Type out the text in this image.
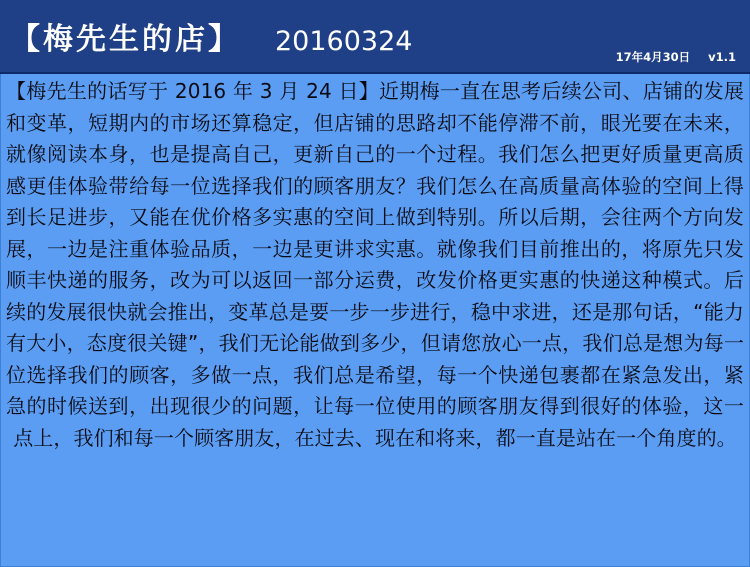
【梅先生的店】 20160324	17年4月30日 v1.1

【梅先生的话写于 2016 年 3 月 24 日】近期梅一直在思考后续公司、店铺的发展和变革，短期内的市场还算稳定，但店铺的思路却不能停滞不前，眼光要在未来，就像阅读本身，也是提高自己，更新自己的一个过程。我们怎么把更好质量更高质感更佳体验带给每一位选择我们的顾客朋友？我们怎么在高质量高体验的空间上得到长足进步，又能在优价格多实惠的空间上做到特别。所以后期，会往两个方向发展，一边是注重体验品质，一边是更讲求实惠。就像我们目前推出的，将原先只发顺丰快递的服务，改为可以返回一部分运费，改发价格更实惠的快递这种模式。后续的发展很快就会推出，变革总是要一步一步进行，稳中求进，还是那句话，“能力有大小，态度很关键”，我们无论能做到多少，但请您放心一点，我们总是想为每一位选择我们的顾客，多做一点，我们总是希望，每一个快递包裹都在紧急发出，紧急的时候送到，出现很少的问题，让每一位使用的顾客朋友得到很好的体验，这一点上，我们和每一个顾客朋友，在过去、现在和将来，都一直是站在一个角度的。
